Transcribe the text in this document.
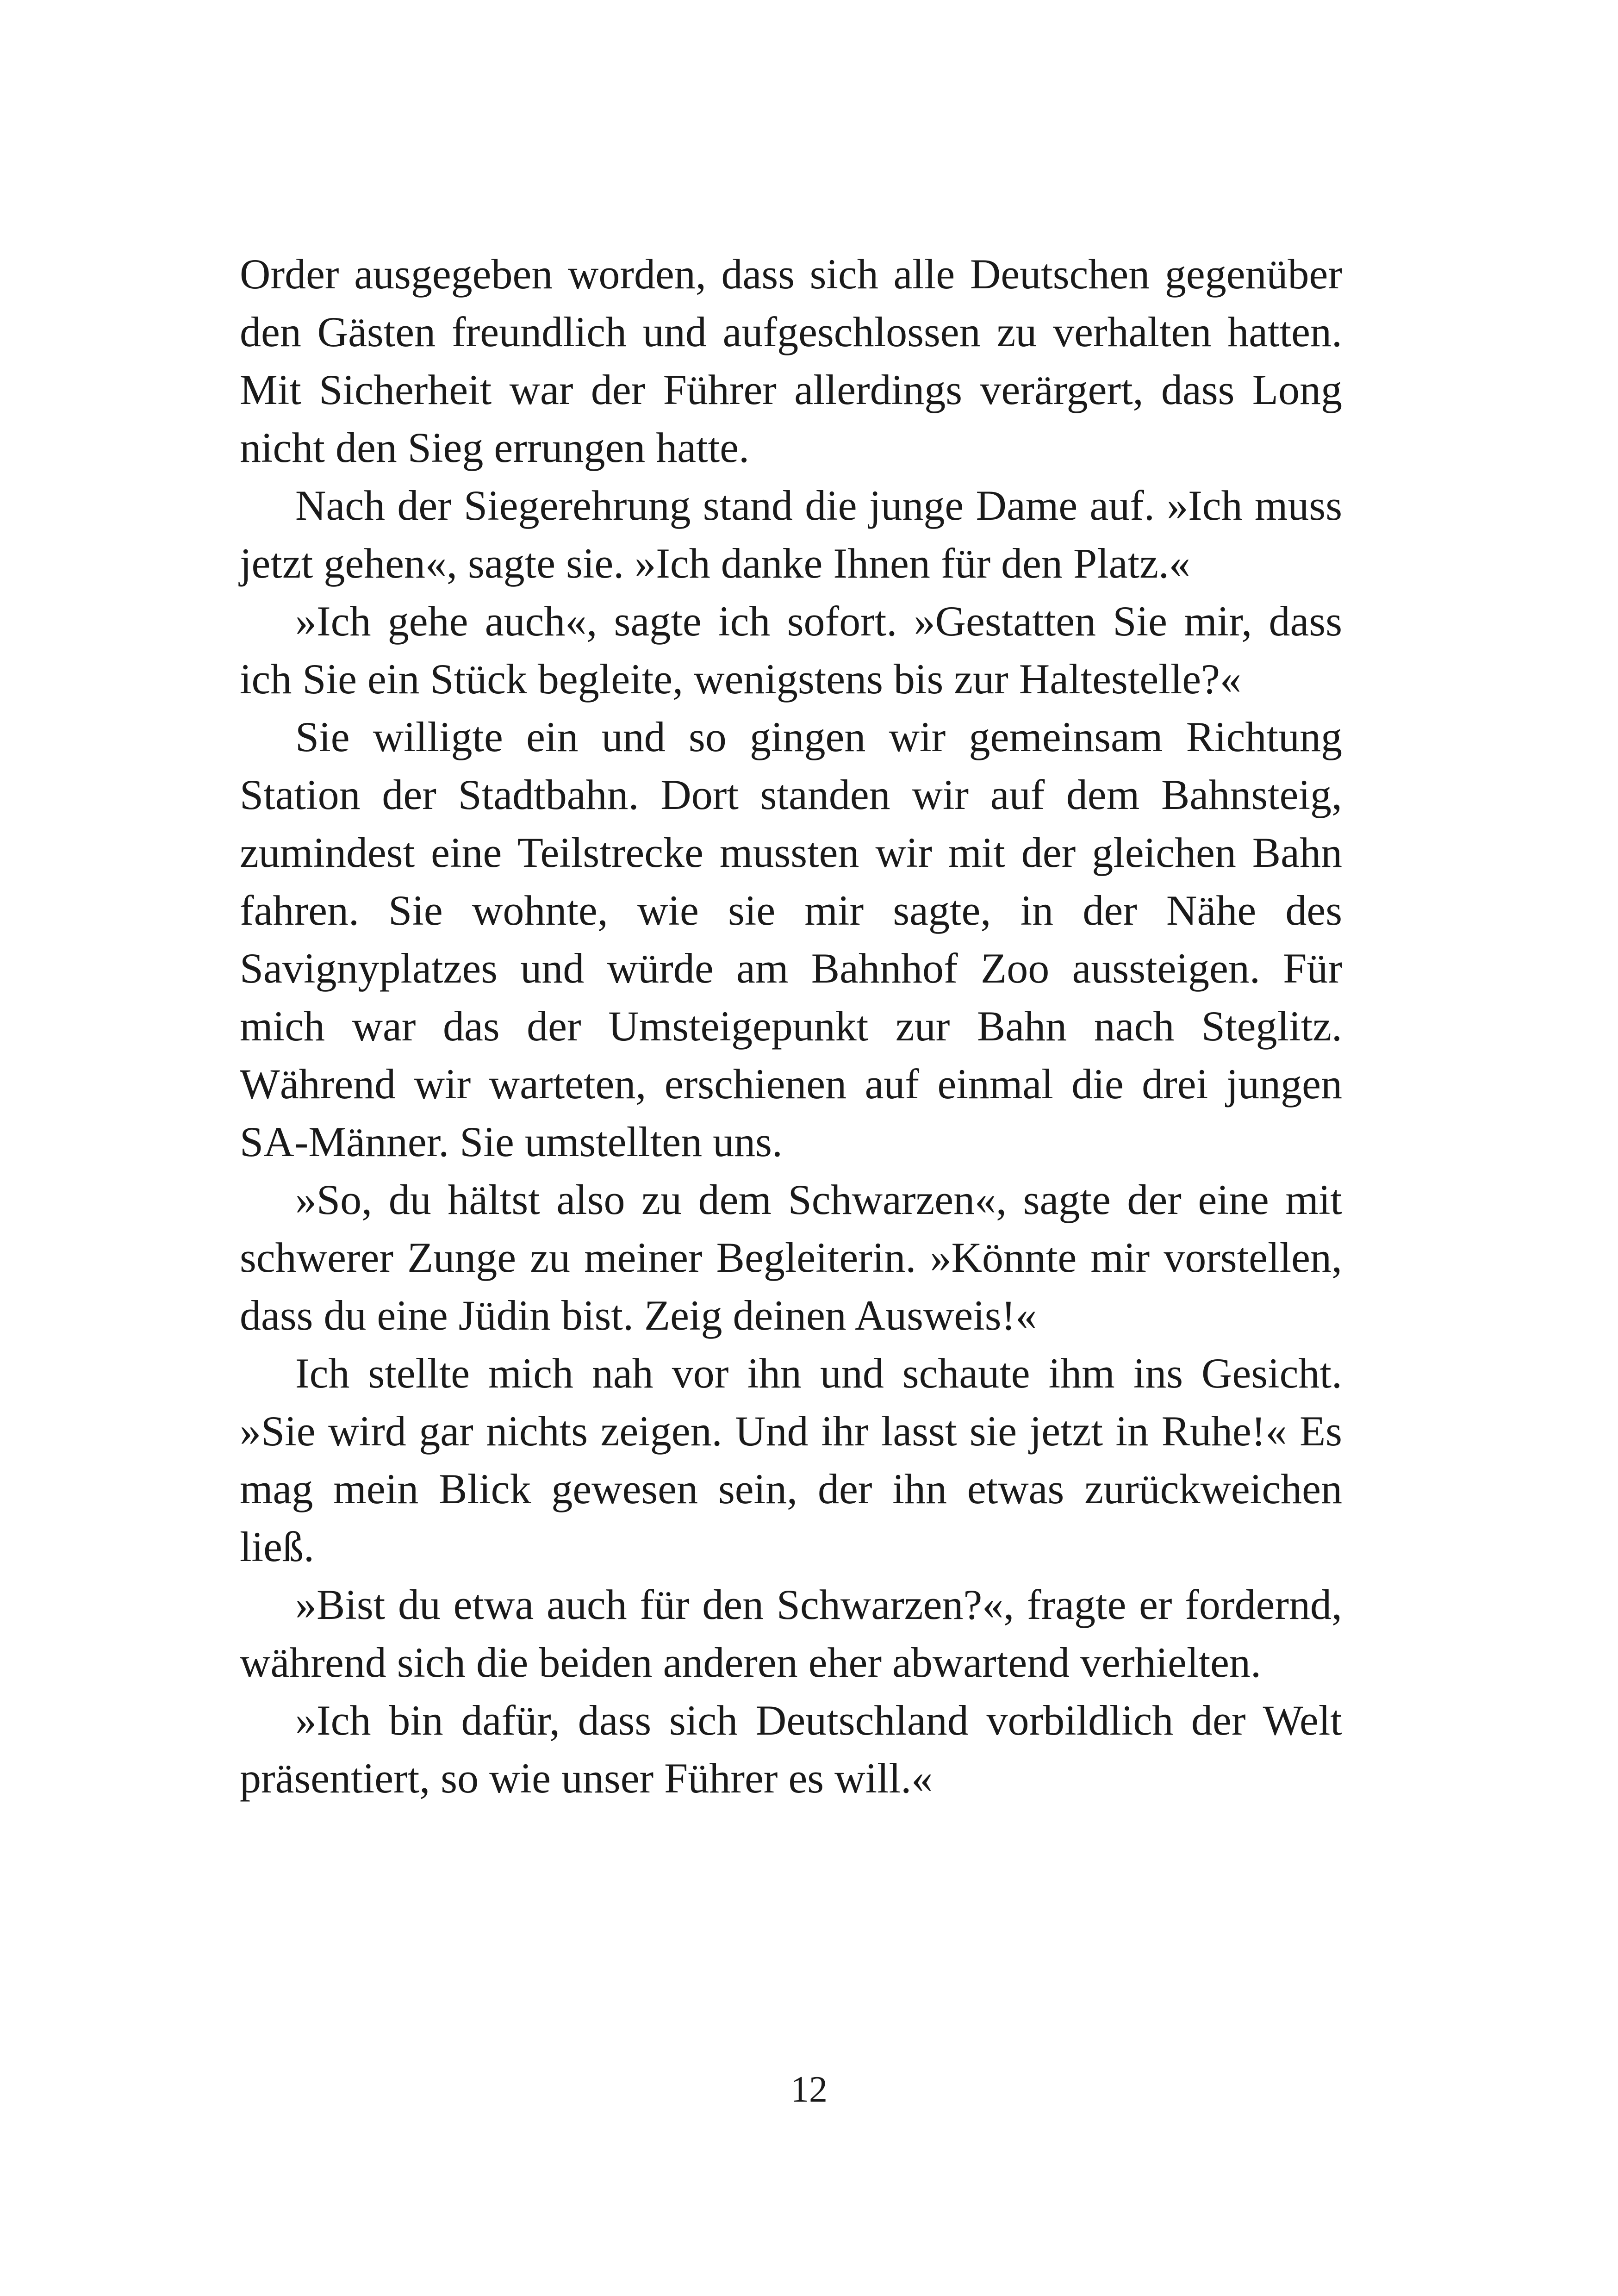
Order ausgegeben worden, dass sich alle Deutschen gegenüber den Gästen freundlich und aufgeschlossen zu verhalten hatten. Mit Sicherheit war der Führer allerdings verärgert, dass Long nicht den Sieg errungen hatte.

Nach der Siegerehrung stand die junge Dame auf. »Ich muss jetzt gehen«, sagte sie. »Ich danke Ihnen für den Platz.«

»Ich gehe auch«, sagte ich sofort. »Gestatten Sie mir, dass ich Sie ein Stück begleite, wenigstens bis zur Haltestelle?«

Sie willigte ein und so gingen wir gemeinsam Richtung Station der Stadtbahn. Dort standen wir auf dem Bahnsteig, zumindest eine Teilstrecke mussten wir mit der gleichen Bahn fahren. Sie wohnte, wie sie mir sagte, in der Nähe des Savignyplatzes und würde am Bahnhof Zoo aussteigen. Für mich war das der Umsteigepunkt zur Bahn nach Steglitz. Während wir warteten, erschienen auf einmal die drei jungen SA-Männer. Sie umstellten uns.

»So, du hältst also zu dem Schwarzen«, sagte der eine mit schwerer Zunge zu meiner Begleiterin. »Könnte mir vorstellen, dass du eine Jüdin bist. Zeig deinen Ausweis!«

Ich stellte mich nah vor ihn und schaute ihm ins Gesicht. »Sie wird gar nichts zeigen. Und ihr lasst sie jetzt in Ruhe!« Es mag mein Blick gewesen sein, der ihn etwas zurückweichen ließ.

»Bist du etwa auch für den Schwarzen?«, fragte er fordernd, während sich die beiden anderen eher abwartend verhielten.

»Ich bin dafür, dass sich Deutschland vorbildlich der Welt präsentiert, so wie unser Führer es will.«

12
